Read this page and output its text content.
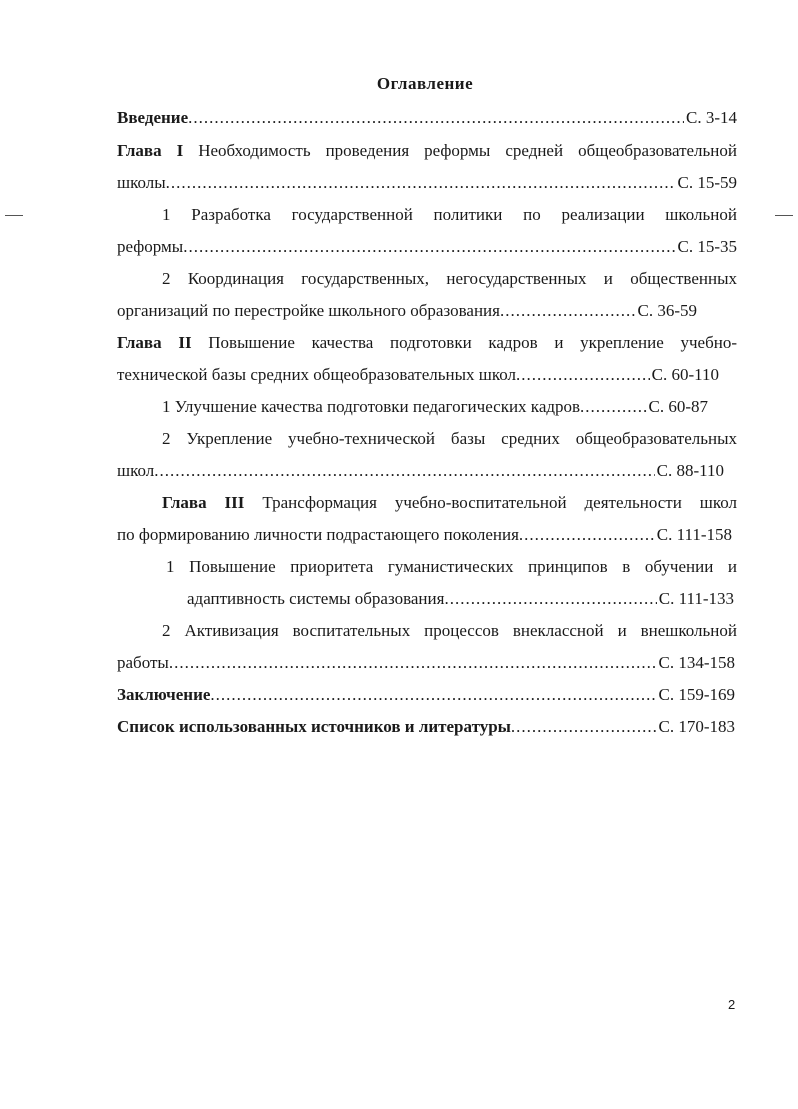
Оглавление
Введение .....	С. 3-14
Глава I Необходимость проведения реформы средней общеобразовательной
школы .....	С. 15-59
1 Разработка государственной политики по реализации школьной
реформы .....	С. 15-35
2 Координация государственных, негосударственных и общественных
организаций по перестройке школьного образования .....	С. 36-59
Глава II Повышение качества подготовки кадров и укрепление учебно-
технической базы средних общеобразовательных школ .....	С. 60-110
1 Улучшение качества подготовки педагогических кадров .....	С. 60-87
2 Укрепление учебно-технической базы средних общеобразовательных
школ .....	С. 88-110
Глава III Трансформация учебно-воспитательной деятельности школ
по формированию личности подрастающего поколения .....	С. 111-158
1 Повышение приоритета гуманистических принципов в обучении и
адаптивность системы образования .....	С. 111-133
2 Активизация воспитательных процессов внеклассной и внешкольной
работы .....	С. 134-158
Заключение .....	С. 159-169
Список использованных источников и литературы .....	С. 170-183
2
